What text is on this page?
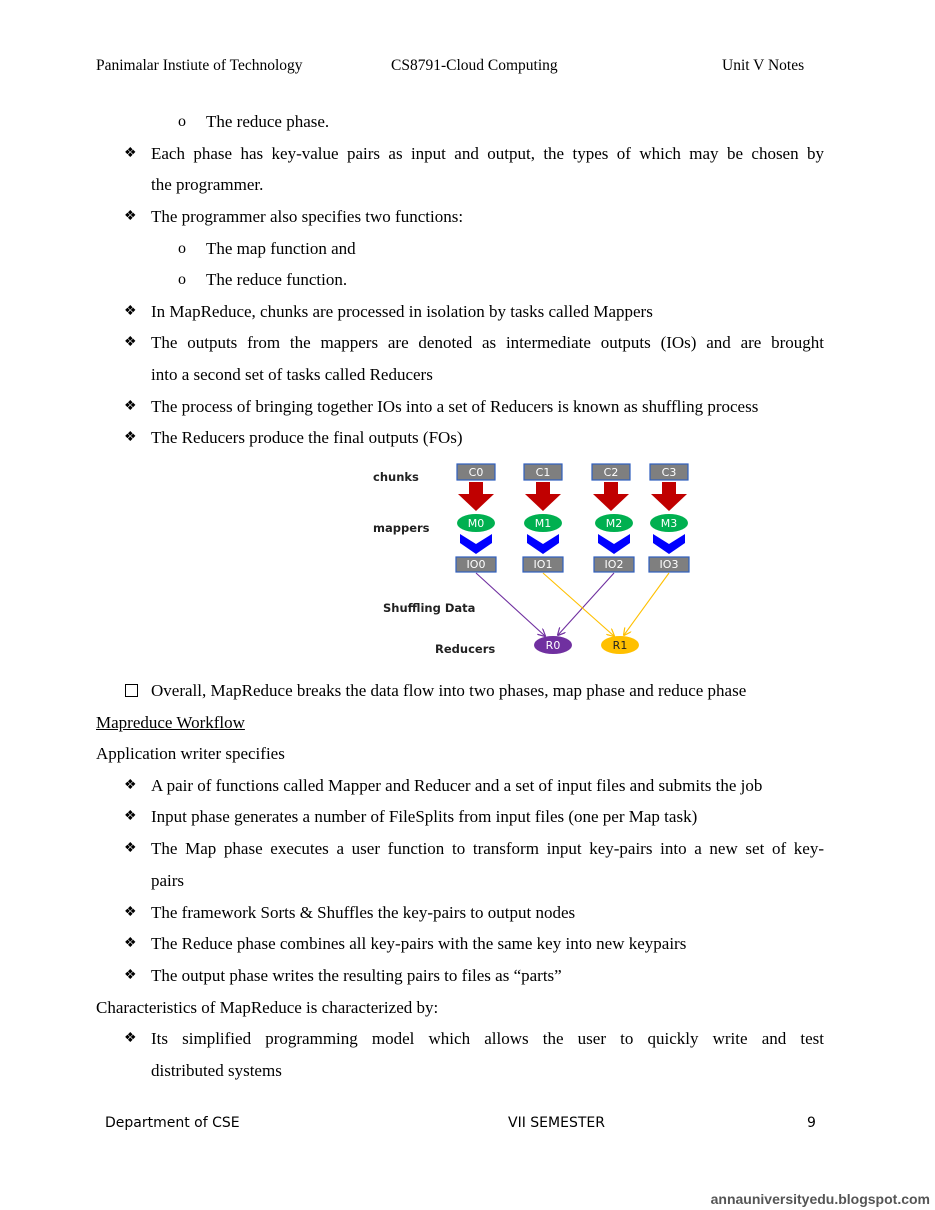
Panimalar Instiute of Technology	CS8791-Cloud Computing	Unit V Notes
o The reduce phase.
❖ Each phase has key-value pairs as input and output, the types of which may be chosen by
the programmer.
❖ The programmer also specifies two functions:
o The map function and
o The reduce function.
❖ In MapReduce, chunks are processed in isolation by tasks called Mappers
❖ The outputs from the mappers are denoted as intermediate outputs (IOs) and are brought
into a second set of tasks called Reducers
❖ The process of bringing together IOs into a set of Reducers is known as shuffling process
❖ The Reducers produce the final outputs (FOs)
chunks
mappers
Shuffling Data
Reducers
C0	C1	C2	C3
M0	M1	M2	M3
IO0	IO1	IO2	IO3
R0	R1
Overall, MapReduce breaks the data flow into two phases, map phase and reduce phase
Mapreduce Workflow
Application writer specifies
❖ A pair of functions called Mapper and Reducer and a set of input files and submits the job
❖ Input phase generates a number of FileSplits from input files (one per Map task)
❖ The Map phase executes a user function to transform input key-pairs into a new set of key-
pairs
❖ The framework Sorts & Shuffles the key-pairs to output nodes
❖ The Reduce phase combines all key-pairs with the same key into new keypairs
❖ The output phase writes the resulting pairs to files as “parts”
Characteristics of MapReduce is characterized by:
❖ Its simplified programming model which allows the user to quickly write and test
distributed systems
Department of CSE	VII SEMESTER	9
annauniversityedu.blogspot.com
